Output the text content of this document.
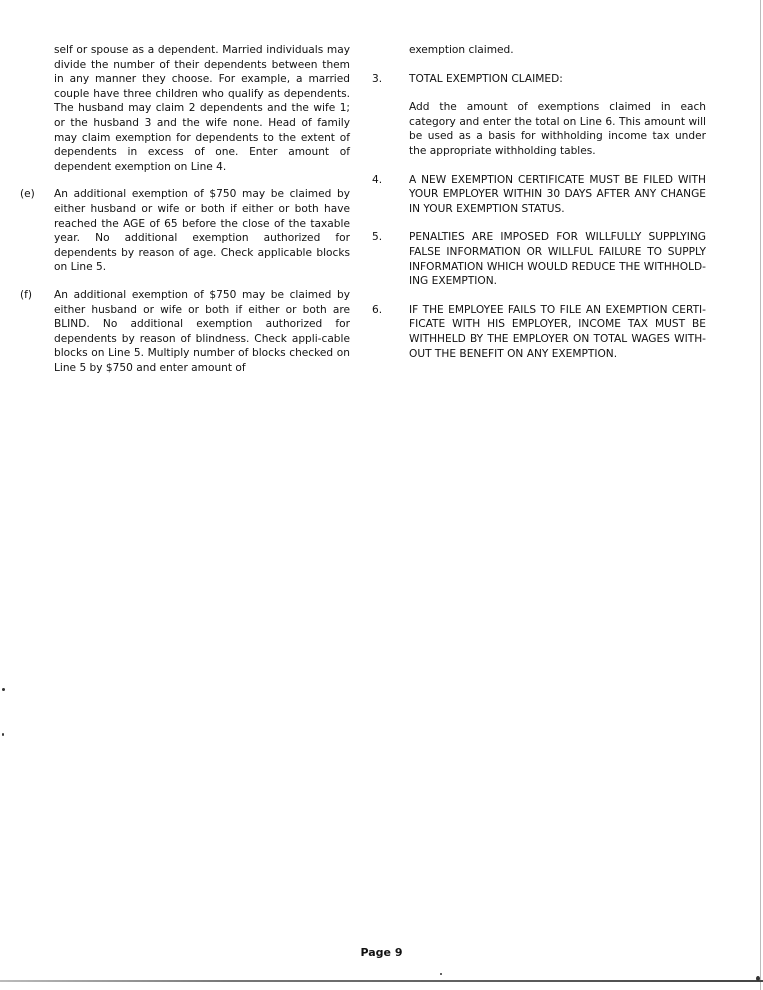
self or spouse as a dependent. Married individuals may divide the number of their dependents between them in any manner they choose. For example, a married couple have three children who qualify as dependents. The husband may claim 2 dependents and the wife 1; or the husband 3 and the wife none. Head of family may claim exemption for dependents to the extent of dependents in excess of one. Enter amount of dependent exemption on Line 4.

(e)	An additional exemption of $750 may be claimed by either husband or wife or both if either or both have reached the AGE of 65 before the close of the taxable year. No additional exemption authorized for dependents by reason of age. Check applicable blocks on Line 5.
(f)	An additional exemption of $750 may be claimed by either husband or wife or both if either or both are BLIND. No additional exemption authorized for dependents by reason of blindness. Check appli-cable blocks on Line 5. Multiply number of blocks checked on Line 5 by $750 and enter amount of

exemption claimed.

3.	TOTAL EXEMPTION CLAIMED:

Add the amount of exemptions claimed in each category and enter the total on Line 6. This amount will be used as a basis for withholding income tax under the appropriate withholding tables.

4.	A NEW EXEMPTION CERTIFICATE MUST BE FILED WITH YOUR EMPLOYER WITHIN 30 DAYS AFTER ANY CHANGE IN YOUR EXEMPTION STATUS.
5.	PENALTIES ARE IMPOSED FOR WILLFULLY SUPPLYING FALSE INFORMATION OR WILLFUL FAILURE TO SUPPLY INFORMATION WHICH WOULD REDUCE THE WITHHOLD-ING EXEMPTION.
6.	IF THE EMPLOYEE FAILS TO FILE AN EXEMPTION CERTI-FICATE WITH HIS EMPLOYER, INCOME TAX MUST BE WITHHELD BY THE EMPLOYER ON TOTAL WAGES WITH-OUT THE BENEFIT ON ANY EXEMPTION.
Page 9
